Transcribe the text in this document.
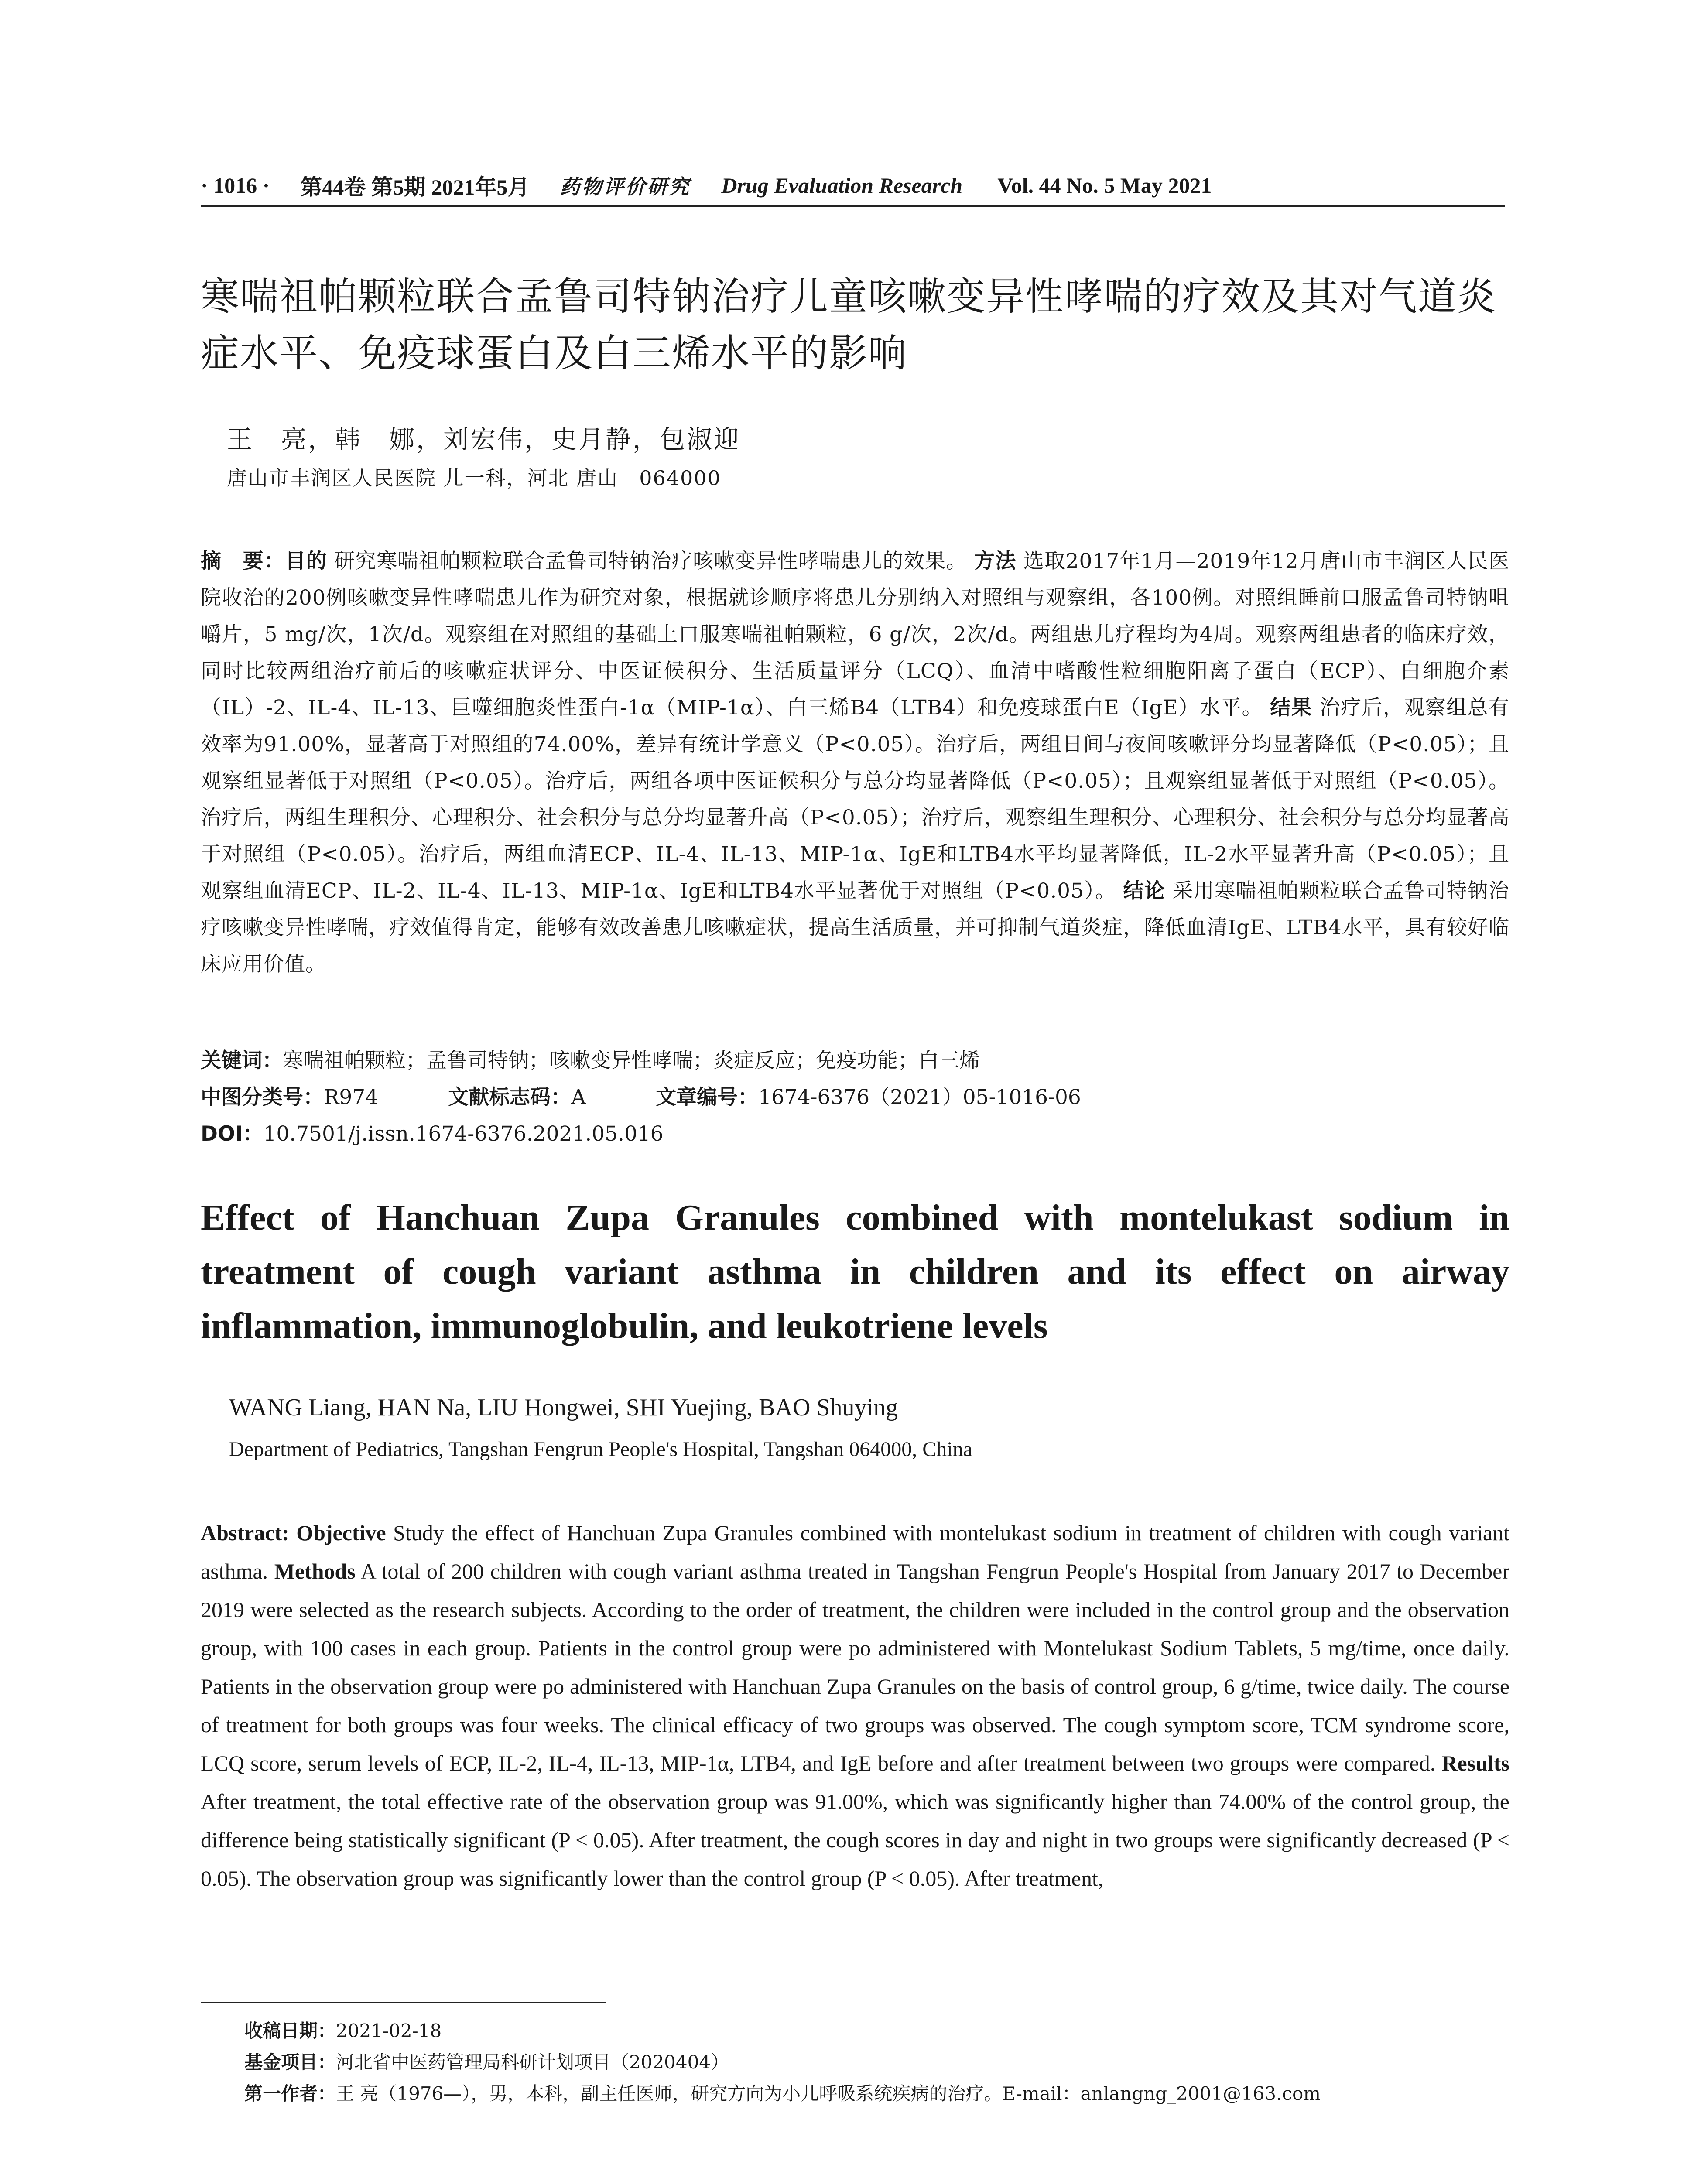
· 1016 · 第44卷 第5期 2021年5月 药物评价研究 Drug Evaluation Research Vol. 44 No. 5 May 2021
寒喘祖帕颗粒联合孟鲁司特钠治疗儿童咳嗽变异性哮喘的疗效及其对气道炎症水平、免疫球蛋白及白三烯水平的影响
王　亮，韩　娜，刘宏伟，史月静，包淑迎
唐山市丰润区人民医院 儿一科，河北 唐山　064000
摘　要：目的 研究寒喘祖帕颗粒联合孟鲁司特钠治疗咳嗽变异性哮喘患儿的效果。 方法 选取2017年1月—2019年12月唐山市丰润区人民医院收治的200例咳嗽变异性哮喘患儿作为研究对象，根据就诊顺序将患儿分别纳入对照组与观察组，各100例。对照组睡前口服孟鲁司特钠咀嚼片，5 mg/次，1次/d。观察组在对照组的基础上口服寒喘祖帕颗粒，6 g/次，2次/d。两组患儿疗程均为4周。观察两组患者的临床疗效，同时比较两组治疗前后的咳嗽症状评分、中医证候积分、生活质量评分（LCQ）、血清中嗜酸性粒细胞阳离子蛋白（ECP）、白细胞介素（IL）-2、IL-4、IL-13、巨噬细胞炎性蛋白-1α（MIP-1α）、白三烯B4（LTB4）和免疫球蛋白E（IgE）水平。 结果 治疗后，观察组总有效率为91.00%，显著高于对照组的74.00%，差异有统计学意义（P<0.05）。治疗后，两组日间与夜间咳嗽评分均显著降低（P<0.05）；且观察组显著低于对照组（P<0.05）。治疗后，两组各项中医证候积分与总分均显著降低（P<0.05）；且观察组显著低于对照组（P<0.05）。治疗后，两组生理积分、心理积分、社会积分与总分均显著升高（P<0.05）；治疗后，观察组生理积分、心理积分、社会积分与总分均显著高于对照组（P<0.05）。治疗后，两组血清ECP、IL-4、IL-13、MIP-1α、IgE和LTB4水平均显著降低，IL-2水平显著升高（P<0.05）；且观察组血清ECP、IL-2、IL-4、IL-13、MIP-1α、IgE和LTB4水平显著优于对照组（P<0.05）。 结论 采用寒喘祖帕颗粒联合孟鲁司特钠治疗咳嗽变异性哮喘，疗效值得肯定，能够有效改善患儿咳嗽症状，提高生活质量，并可抑制气道炎症，降低血清IgE、LTB4水平，具有较好临床应用价值。
关键词：寒喘祖帕颗粒；孟鲁司特钠；咳嗽变异性哮喘；炎症反应；免疫功能；白三烯
中图分类号：R974	文献标志码：A	文章编号：1674-6376（2021）05-1016-06
DOI：10.7501/j.issn.1674-6376.2021.05.016
Effect of Hanchuan Zupa Granules combined with montelukast sodium in treatment of cough variant asthma in children and its effect on airway inflammation, immunoglobulin, and leukotriene levels
WANG Liang, HAN Na, LIU Hongwei, SHI Yuejing, BAO Shuying
Department of Pediatrics, Tangshan Fengrun People's Hospital, Tangshan 064000, China
Abstract: Objective Study the effect of Hanchuan Zupa Granules combined with montelukast sodium in treatment of children with cough variant asthma. Methods A total of 200 children with cough variant asthma treated in Tangshan Fengrun People's Hospital from January 2017 to December 2019 were selected as the research subjects. According to the order of treatment, the children were included in the control group and the observation group, with 100 cases in each group. Patients in the control group were po administered with Montelukast Sodium Tablets, 5 mg/time, once daily. Patients in the observation group were po administered with Hanchuan Zupa Granules on the basis of control group, 6 g/time, twice daily. The course of treatment for both groups was four weeks. The clinical efficacy of two groups was observed. The cough symptom score, TCM syndrome score, LCQ score, serum levels of ECP, IL-2, IL-4, IL-13, MIP-1α, LTB4, and IgE before and after treatment between two groups were compared. Results After treatment, the total effective rate of the observation group was 91.00%, which was significantly higher than 74.00% of the control group, the difference being statistically significant (P < 0.05). After treatment, the cough scores in day and night in two groups were significantly decreased (P < 0.05). The observation group was significantly lower than the control group (P < 0.05). After treatment,
收稿日期：2021-02-18
基金项目：河北省中医药管理局科研计划项目（2020404）
第一作者：王 亮（1976—），男，本科，副主任医师，研究方向为小儿呼吸系统疾病的治疗。E-mail：anlangng_2001@163.com
